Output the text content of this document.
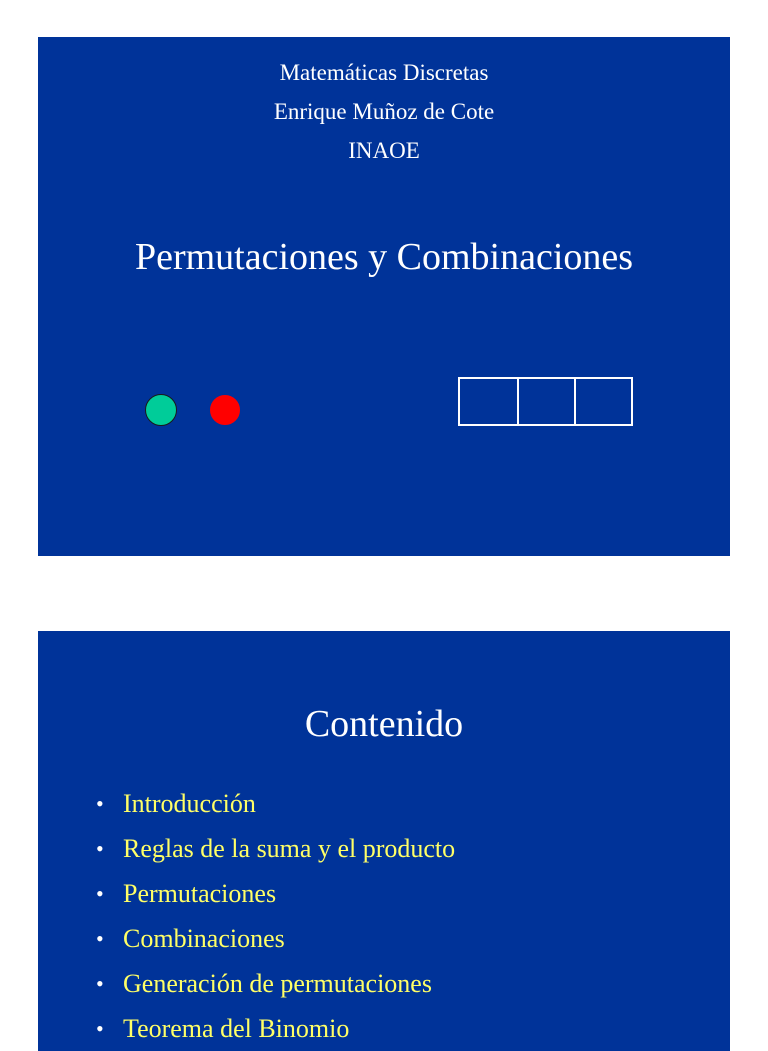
Matemáticas Discretas
Enrique Muñoz de Cote
INAOE
Permutaciones y Combinaciones
Contenido
• Introducción
• Reglas de la suma y el producto
• Permutaciones
• Combinaciones
• Generación de permutaciones
• Teorema del Binomio
